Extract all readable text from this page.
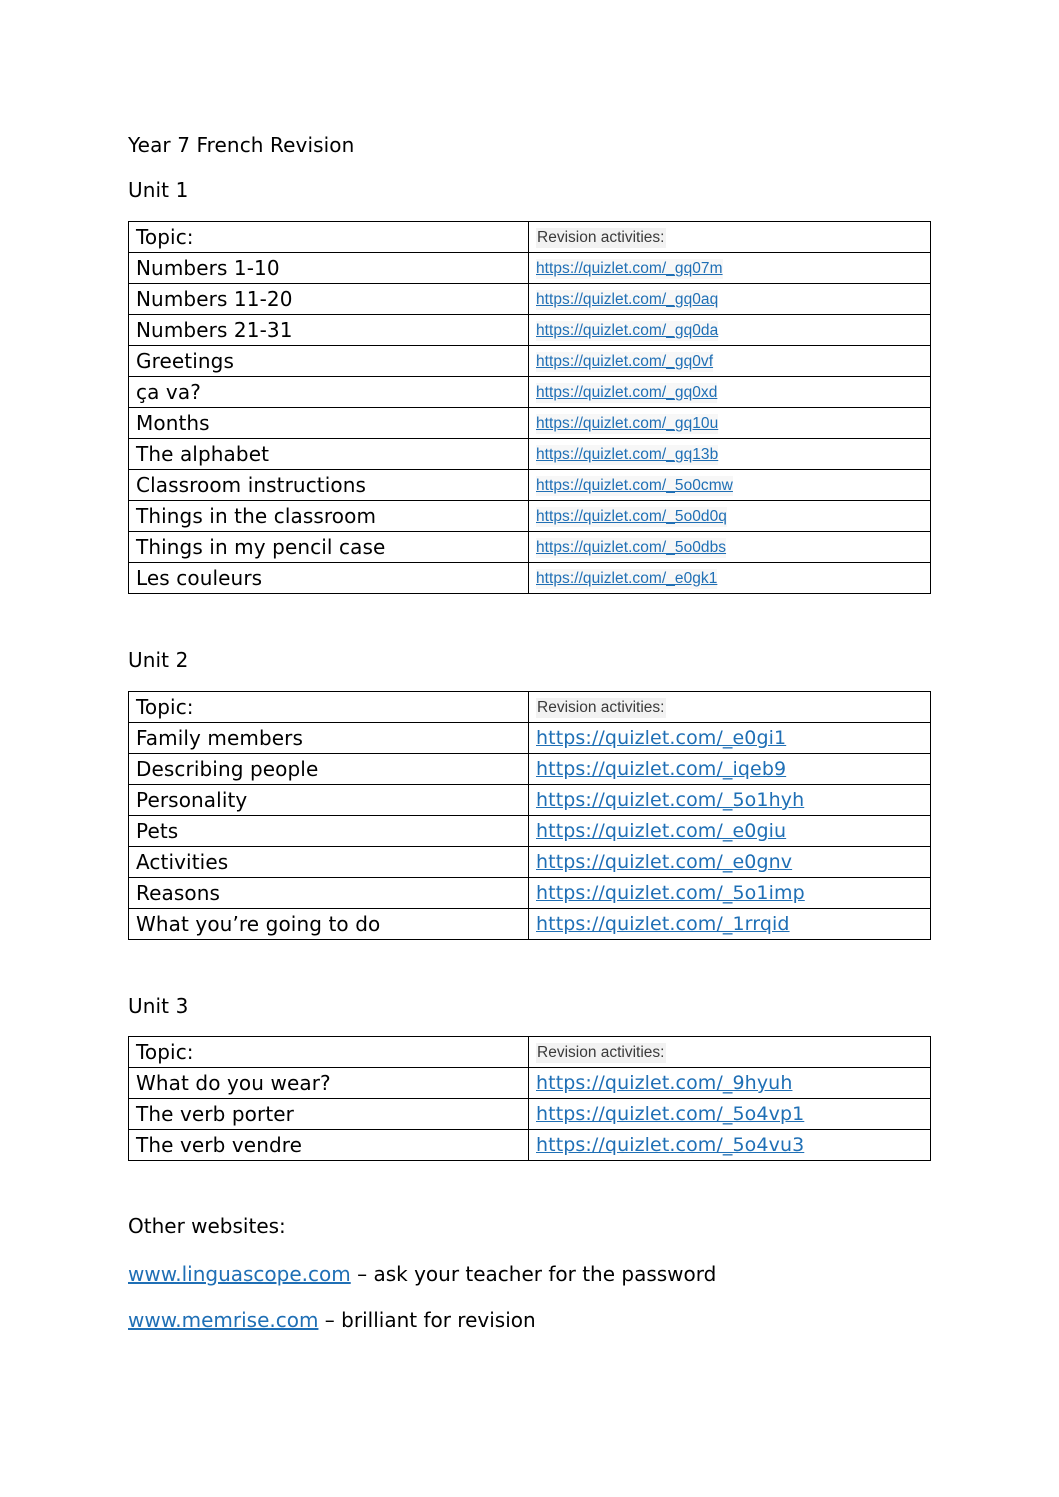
Year 7 French Revision
Unit 1
Topic:	Revision activities:
Numbers 1-10	https://quizlet.com/_gq07m
Numbers 11-20	https://quizlet.com/_gq0aq
Numbers 21-31	https://quizlet.com/_gq0da
Greetings	https://quizlet.com/_gq0vf
ça va?	https://quizlet.com/_gq0xd
Months	https://quizlet.com/_gq10u
The alphabet	https://quizlet.com/_gq13b
Classroom instructions	https://quizlet.com/_5o0cmw
Things in the classroom	https://quizlet.com/_5o0d0q
Things in my pencil case	https://quizlet.com/_5o0dbs
Les couleurs	https://quizlet.com/_e0gk1
Unit 2
Topic:	Revision activities:
Family members	https://quizlet.com/_e0gi1
Describing people	https://quizlet.com/_iqeb9
Personality	https://quizlet.com/_5o1hyh
Pets	https://quizlet.com/_e0giu
Activities	https://quizlet.com/_e0gnv
Reasons	https://quizlet.com/_5o1imp
What you’re going to do	https://quizlet.com/_1rrqid
Unit 3
Topic:	Revision activities:
What do you wear?	https://quizlet.com/_9hyuh
The verb porter	https://quizlet.com/_5o4vp1
The verb vendre	https://quizlet.com/_5o4vu3
Other websites:
www.linguascope.com – ask your teacher for the password
www.memrise.com – brilliant for revision
